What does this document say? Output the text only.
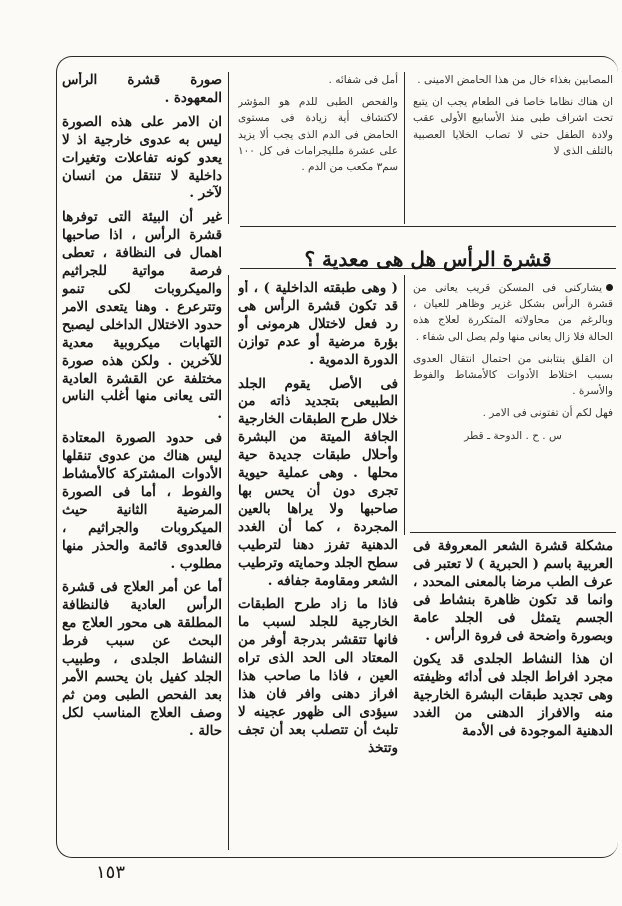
قشرة الرأس هل هى معدية ؟

المصابين بغذاء خال من هذا الحامض الامينى .

ان هناك نظاما خاصا فى الطعام يجب ان يتبع تحت اشراف طبى منذ الأسابيع الأولى عقب ولادة الطفل حتى لا تصاب الخلايا العصبية بالتلف الذى لا

أمل فى شفائه .

والفحص الطبى للدم هو المؤشر لاكتشاف أية زيادة فى مستوى الحامض فى الدم الذى يجب ألا يزيد على عشرة مللیجرامات فى كل ١٠٠ سم٣ مكعب من الدم .

يشاركنى فى المسكن قريب يعانى من قشرة الرأس بشكل غزير وظاهر للعيان ، وبالرغم من محاولاته المتكررة لعلاج هذه الحالة فلا زال يعانى منها ولم يصل الى شفاء .

ان القلق ينتابنى من احتمال انتقال العدوى بسبب اختلاط الأدوات كالأمشاط والفوط والأسرة .

فهل لكم أن تفتونى فى الامر .

س . ح . الدوحة ـ قطر

مشكلة قشرة الشعر المعروفة فى العربية باسم ( الحبرية ) لا تعتبر فى عرف الطب مرضا بالمعنى المحدد ، وانما قد تكون ظاهرة بنشاط فى الجسم يتمثل فى الجلد عامة وبصورة واضحة فى فروة الرأس .

ان هذا النشاط الجلدى قد يكون مجرد افراط الجلد فى أدائه وظيفته وهى تجديد طبقات البشرة الخارجية منه والافراز الدهنى من الغدد الدهنية الموجودة فى الأدمة

( وهى طبقته الداخلية ) ، أو قد تكون قشرة الرأس هى رد فعل لاختلال هرمونى أو بؤرة مرضية أو عدم توازن الدورة الدموية .

فى الأصل يقوم الجلد الطبيعى بتجديد ذاته من خلال طرح الطبقات الخارجية الجافة الميتة من البشرة وأحلال طبقات جديدة حية محلها . وهى عملية حيوية تجرى دون أن يحس بها صاحبها ولا يراها بالعين المجردة ، كما أن الغدد الدهنية تفرز دهنا لترطيب سطح الجلد وحمايته وترطيب الشعر ومقاومة جفافه .

فاذا ما زاد طرح الطبقات الخارجية للجلد لسبب ما فانها تتقشر بدرجة أوفر من المعتاد الى الحد الذى تراه العين ، فاذا ما صاحب هذا افراز دهنى وافر فان هذا سيؤدى الى ظهور عجينه لا تلبث أن تتصلب بعد أن تجف وتتخذ

صورة قشرة الرأس المعهودة .

ان الامر على هذه الصورة ليس به عدوى خارجية اذ لا يعدو كونه تفاعلات وتغيرات داخلية لا تنتقل من انسان لآخر .

غير أن البيئة التى توفرها قشرة الرأس ، اذا صاحبها اهمال فى النظافة ، تعطى فرصة مواتية للجراثيم والميكروبات لكى تنمو وتترعرع . وهنا يتعدى الامر حدود الاختلال الداخلى ليصبح التهابات ميكروبية معدية للآخرين . ولكن هذه صورة مختلفة عن القشرة العادية التى يعانى منها أغلب الناس .

فى حدود الصورة المعتادة ليس هناك من عدوى تنقلها الأدوات المشتركة كالأمشاط والفوط ، أما فى الصورة المرضية الثانية حيث الميكروبات والجراثيم ، فالعدوى قائمة والحذر منها مطلوب .

أما عن أمر العلاج فى قشرة الرأس العادية فالنظافة المطلقة هى محور العلاج مع البحث عن سبب فرط النشاط الجلدى ، وطبيب الجلد كفيل بان يحسم الأمر بعد الفحص الطبى ومن ثم وصف العلاج المناسب لكل حالة .

١٥٣
